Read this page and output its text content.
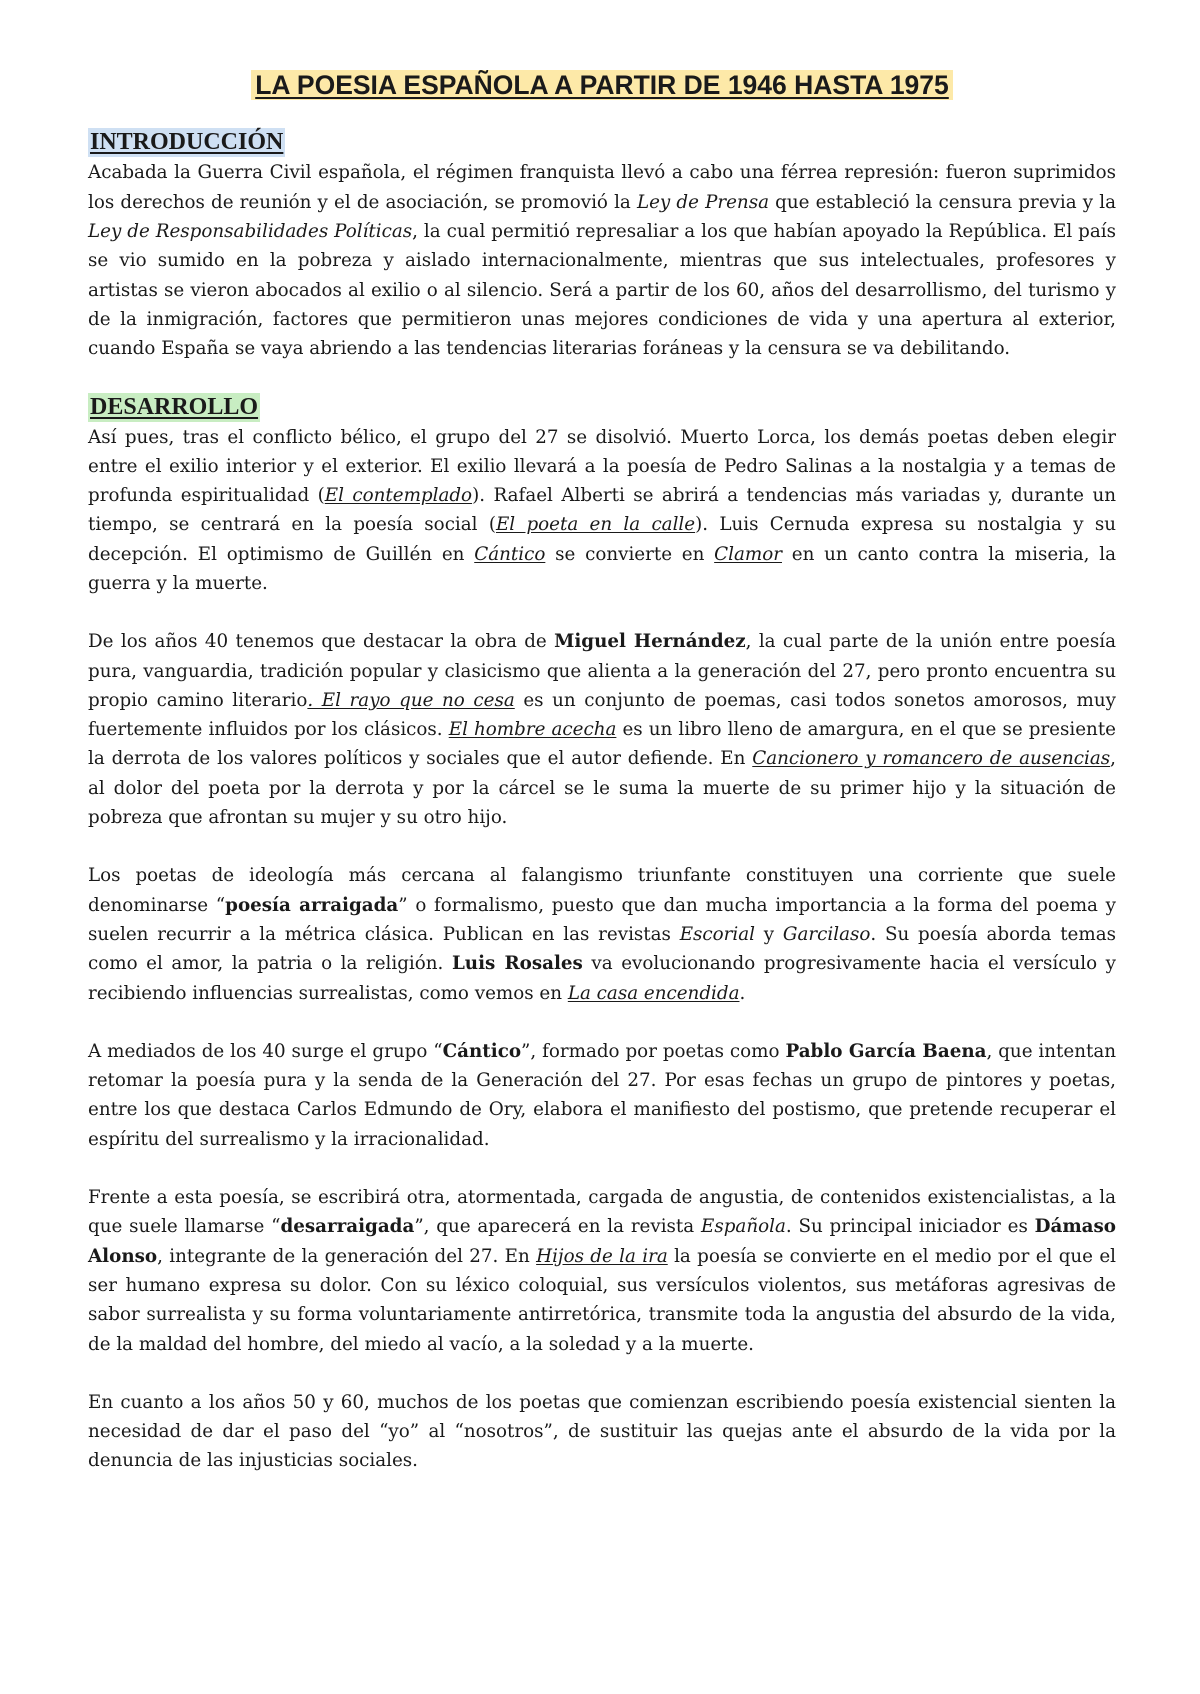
LA POESIA ESPAÑOLA A PARTIR DE 1946 HASTA 1975
INTRODUCCIÓN

Acabada la Guerra Civil española, el régimen franquista llevó a cabo una férrea represión: fueron suprimidos los derechos de reunión y el de asociación, se promovió la Ley de Prensa que estableció la censura previa y la Ley de Responsabilidades Políticas, la cual permitió represaliar a los que habían apoyado la República. El país se vio sumido en la pobreza y aislado internacionalmente, mientras que sus intelectuales, profesores y artistas se vieron abocados al exilio o al silencio. Será a partir de los 60, años del desarrollismo, del turismo y de la inmigración, factores que permitieron unas mejores condiciones de vida y una apertura al exterior, cuando España se vaya abriendo a las tendencias literarias foráneas y la censura se va debilitando.

DESARROLLO

Así pues, tras el conflicto bélico, el grupo del 27 se disolvió. Muerto Lorca, los demás poetas deben elegir entre el exilio interior y el exterior. El exilio llevará a la poesía de Pedro Salinas a la nostalgia y a temas de profunda espiritualidad (El contemplado). Rafael Alberti se abrirá a tendencias más variadas y, durante un tiempo, se centrará en la poesía social (El poeta en la calle). Luis Cernuda expresa su nostalgia y su decepción. El optimismo de Guillén en Cántico se convierte en Clamor en un canto contra la miseria, la guerra y la muerte.

De los años 40 tenemos que destacar la obra de Miguel Hernández, la cual parte de la unión entre poesía pura, vanguardia, tradición popular y clasicismo que alienta a la generación del 27, pero pronto encuentra su propio camino literario. El rayo que no cesa es un conjunto de poemas, casi todos sonetos amorosos, muy fuertemente influidos por los clásicos. El hombre acecha es un libro lleno de amargura, en el que se presiente la derrota de los valores políticos y sociales que el autor defiende. En Cancionero y romancero de ausencias, al dolor del poeta por la derrota y por la cárcel se le suma la muerte de su primer hijo y la situación de pobreza que afrontan su mujer y su otro hijo.

Los poetas de ideología más cercana al falangismo triunfante constituyen una corriente que suele denominarse “poesía arraigada” o formalismo, puesto que dan mucha importancia a la forma del poema y suelen recurrir a la métrica clásica. Publican en las revistas Escorial y Garcilaso. Su poesía aborda temas como el amor, la patria o la religión. Luis Rosales va evolucionando progresivamente hacia el versículo y recibiendo influencias surrealistas, como vemos en La casa encendida.

A mediados de los 40 surge el grupo “Cántico”, formado por poetas como Pablo García Baena, que intentan retomar la poesía pura y la senda de la Generación del 27. Por esas fechas un grupo de pintores y poetas, entre los que destaca Carlos Edmundo de Ory, elabora el manifiesto del postismo, que pretende recuperar el espíritu del surrealismo y la irracionalidad.

Frente a esta poesía, se escribirá otra, atormentada, cargada de angustia, de contenidos existencialistas, a la que suele llamarse “desarraigada”, que aparecerá en la revista Española. Su principal iniciador es Dámaso Alonso, integrante de la generación del 27. En Hijos de la ira la poesía se convierte en el medio por el que el ser humano expresa su dolor. Con su léxico coloquial, sus versículos violentos, sus metáforas agresivas de sabor surrealista y su forma voluntariamente antirretórica, transmite toda la angustia del absurdo de la vida, de la maldad del hombre, del miedo al vacío, a la soledad y a la muerte.

En cuanto a los años 50 y 60, muchos de los poetas que comienzan escribiendo poesía existencial sienten la necesidad de dar el paso del “yo” al “nosotros”, de sustituir las quejas ante el absurdo de la vida por la denuncia de las injusticias sociales.
